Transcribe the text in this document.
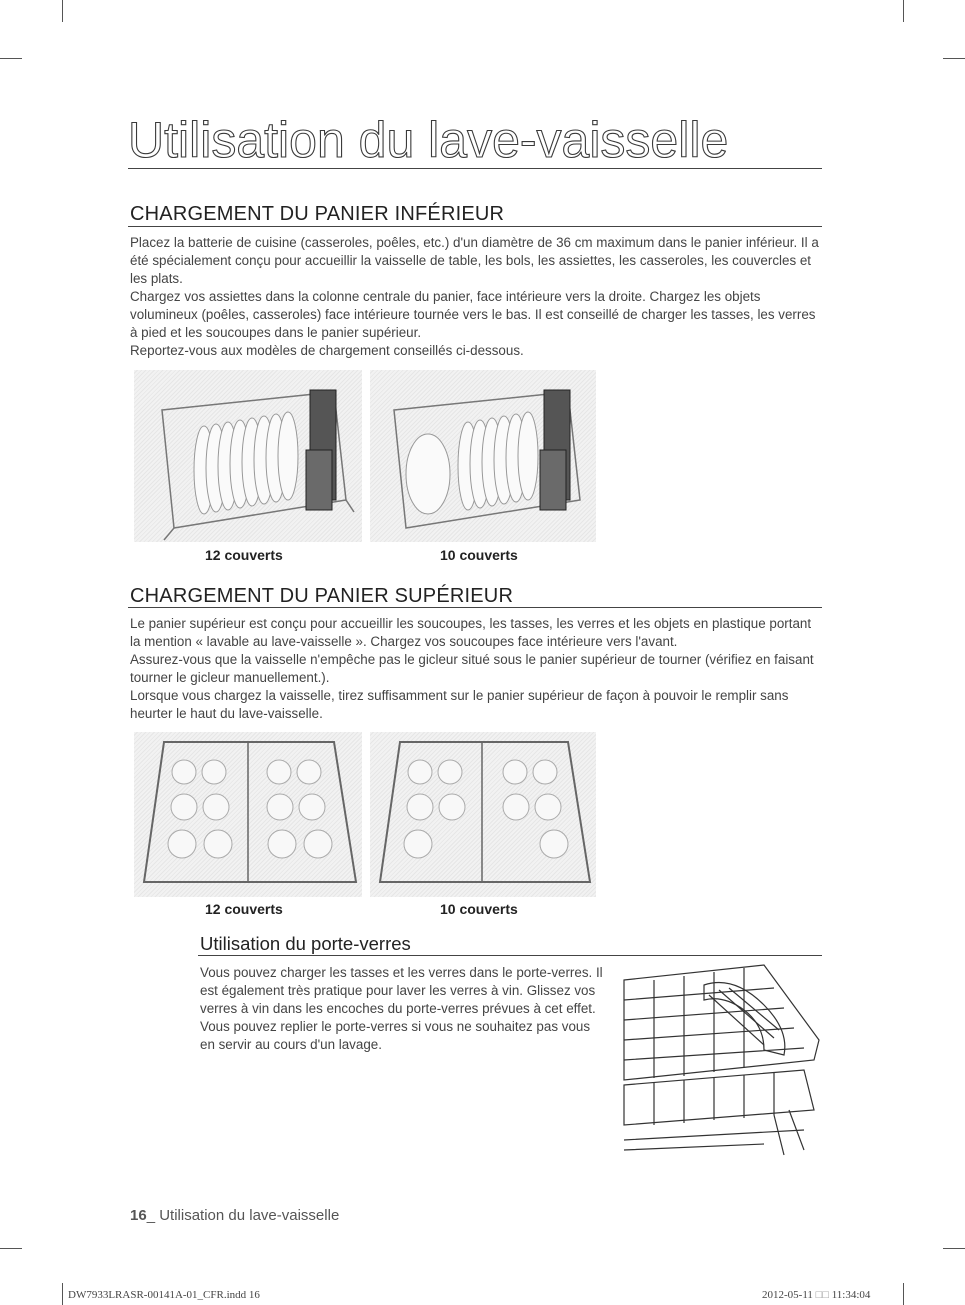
Utilisation du lave-vaisselle
CHARGEMENT DU PANIER INFÉRIEUR

Placez la batterie de cuisine (casseroles, poêles, etc.) d'un diamètre de 36 cm maximum dans le panier inférieur. Il a été spécialement conçu pour accueillir la vaisselle de table, les bols, les assiettes, les casseroles, les couvercles et les plats.

Chargez vos assiettes dans la colonne centrale du panier, face intérieure vers la droite. Chargez les objets volumineux (poêles, casseroles) face intérieure tournée vers le bas. Il est conseillé de charger les tasses, les verres à pied et les soucoupes dans le panier supérieur.

Reportez-vous aux modèles de chargement conseillés ci-dessous.

12 couverts	10 couverts
CHARGEMENT DU PANIER SUPÉRIEUR

Le panier supérieur est conçu pour accueillir les soucoupes, les tasses, les verres et les objets en plastique portant la mention « lavable au lave-vaisselle ». Chargez vos soucoupes face intérieure vers l'avant.

Assurez-vous que la vaisselle n'empêche pas le gicleur situé sous le panier supérieur de tourner (vérifiez en faisant tourner le gicleur manuellement.).

Lorsque vous chargez la vaisselle, tirez suffisamment sur le panier supérieur de façon à pouvoir le remplir sans heurter le haut du lave-vaisselle.

12 couverts	10 couverts
Utilisation du porte-verres

Vous pouvez charger les tasses et les verres dans le porte-verres. Il est également très pratique pour laver les verres à vin. Glissez vos verres à vin dans les encoches du porte-verres prévues à cet effet.

Vous pouvez replier le porte-verres si vous ne souhaitez pas vous en servir au cours d'un lavage.

16_ Utilisation du lave-vaisselle
DW7933LRASR-00141A-01_CFR.indd 16	2012-05-11 □□ 11:34:04
